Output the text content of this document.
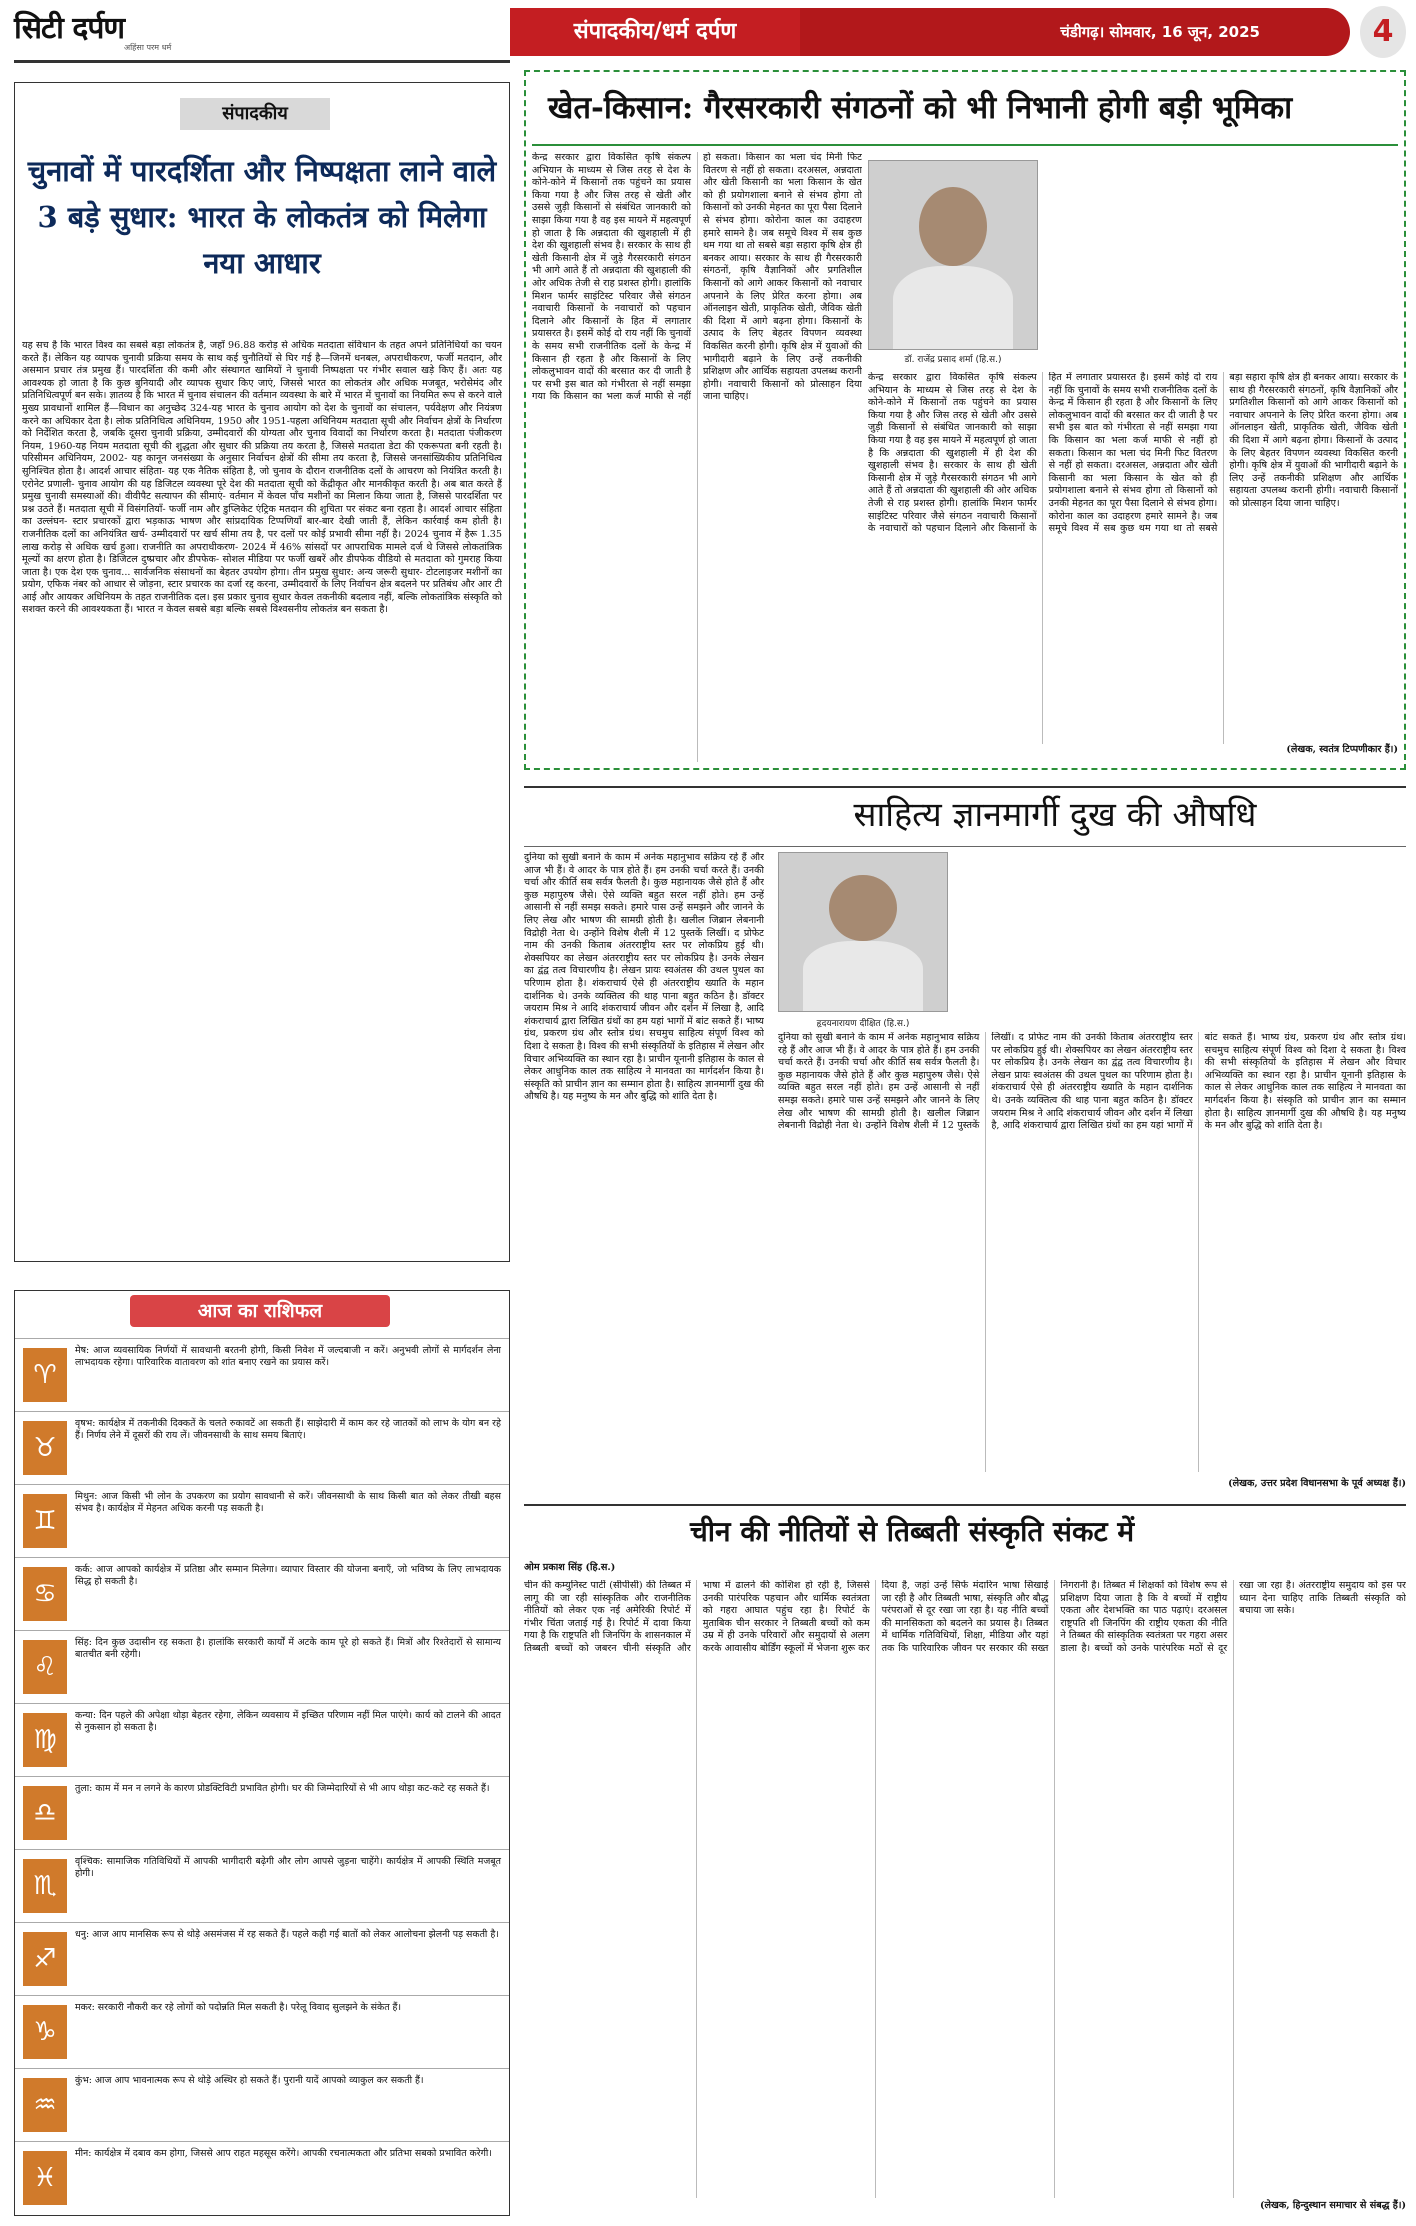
सिटी दर्पण
अहिंसा परम धर्म
संपादकीय/धर्म दर्पण	चंडीगढ़। सोमवार, 16 जून, 2025	4
संपादकीय
चुनावों में पारदर्शिता और निष्पक्षता लाने वाले 3 बड़े सुधार: भारत के लोकतंत्र को मिलेगा नया आधार

यह सच है कि भारत विश्व का सबसे बड़ा लोकतंत्र है, जहाँ 96.88 करोड़ से अधिक मतदाता संविधान के तहत अपने प्रतिनिधियों का चयन करते हैं। लेकिन यह व्यापक चुनावी प्रक्रिया समय के साथ कई चुनौतियों से घिर गई है—जिनमें धनबल, अपराधीकरण, फर्जी मतदान, और असमान प्रचार तंत्र प्रमुख हैं। पारदर्शिता की कमी और संस्थागत खामियों ने चुनावी निष्पक्षता पर गंभीर सवाल खड़े किए हैं। अतः यह आवश्यक हो जाता है कि कुछ बुनियादी और व्यापक सुधार किए जाएं, जिससे भारत का लोकतंत्र और अधिक मजबूत, भरोसेमंद और प्रतिनिधित्वपूर्ण बन सके। ज्ञातव्य है कि भारत में चुनाव संचालन की वर्तमान व्यवस्था के बारे में भारत में चुनावों का नियमित रूप से करने वाले मुख्य प्रावधानों शामिल हैं—विधान का अनुच्छेद 324-यह भारत के चुनाव आयोग को देश के चुनावों का संचालन, पर्यवेक्षण और नियंत्रण करने का अधिकार देता है। लोक प्रतिनिधित्व अधिनियम, 1950 और 1951-पहला अधिनियम मतदाता सूची और निर्वाचन क्षेत्रों के निर्धारण को निर्देशित करता है, जबकि दूसरा चुनावी प्रक्रिया, उम्मीदवारों की योग्यता और चुनाव विवादों का निर्धारण करता है। मतदाता पंजीकरण नियम, 1960-यह नियम मतदाता सूची की शुद्धता और सुधार की प्रक्रिया तय करता है, जिससे मतदाता डेटा की एकरूपता बनी रहती है। परिसीमन अधिनियम, 2002- यह कानून जनसंख्या के अनुसार निर्वाचन क्षेत्रों की सीमा तय करता है, जिससे जनसांख्यिकीय प्रतिनिधित्व सुनिश्चित होता है। आदर्श आचार संहिता- यह एक नैतिक संहिता है, जो चुनाव के दौरान राजनीतिक दलों के आचरण को नियंत्रित करती है। एरोनेट प्रणाली- चुनाव आयोग की यह डिजिटल व्यवस्था पूरे देश की मतदाता सूची को केंद्रीकृत और मानकीकृत करती है। अब बात करते हैं प्रमुख चुनावी समस्याओं की। वीवीपैट सत्यापन की सीमाएं- वर्तमान में केवल पाँच मशीनों का मिलान किया जाता है, जिससे पारदर्शिता पर प्रश्न उठते हैं। मतदाता सूची में विसंगतियाँ- फर्जी नाम और डुप्लिकेट एंट्रिक मतदान की शुचिता पर संकट बना रहता है। आदर्श आचार संहिता का उल्लंघन- स्टार प्रचारकों द्वारा भड़काऊ भाषण और सांप्रदायिक टिप्पणियाँ बार-बार देखी जाती हैं, लेकिन कार्रवाई कम होती है। राजनीतिक दलों का अनियंत्रित खर्च- उम्मीदवारों पर खर्च सीमा तय है, पर दलों पर कोई प्रभावी सीमा नहीं है। 2024 चुनाव में हैरू 1.35 लाख करोड़ से अधिक खर्च हुआ। राजनीति का अपराधीकरण- 2024 में 46% सांसदों पर आपराधिक मामले दर्ज थे जिससे लोकतांत्रिक मूल्यों का क्षरण होता है। डिजिटल दुष्प्रचार और डीपफेक- सोशल मीडिया पर फर्जी खबरें और डीपफेक वीडियो से मतदाता को गुमराह किया जाता है। एक देश एक चुनाव... सार्वजनिक संसाधनों का बेहतर उपयोग होगा। तीन प्रमुख सुधार: अन्य जरूरी सुधार- टोटलाइजर मशीनों का प्रयोग, एफिक नंबर को आधार से जोड़ना, स्टार प्रचारक का दर्जा रद्द करना, उम्मीदवारों के लिए निर्वाचन क्षेत्र बदलने पर प्रतिबंध और आर टी आई और आयकर अधिनियम के तहत राजनीतिक दल। इस प्रकार चुनाव सुधार केवल तकनीकी बदलाव नहीं, बल्कि लोकतांत्रिक संस्कृति को सशक्त करने की आवश्यकता हैं। भारत न केवल सबसे बड़ा बल्कि सबसे विश्वसनीय लोकतंत्र बन सकता है।

आज का राशिफल
♈
मेष: आज व्यवसायिक निर्णयों में सावधानी बरतनी होगी, किसी निवेश में जल्दबाजी न करें। अनुभवी लोगों से मार्गदर्शन लेना लाभदायक रहेगा। पारिवारिक वातावरण को शांत बनाए रखने का प्रयास करें।
♉
वृषभ: कार्यक्षेत्र में तकनीकी दिक्कतें के चलते रुकावटें आ सकती हैं। साझेदारी में काम कर रहे जातकों को लाभ के योग बन रहे हैं। निर्णय लेने में दूसरों की राय लें। जीवनसाथी के साथ समय बिताएं।
♊
मिथुन: आज किसी भी लोन के उपकरण का प्रयोग सावधानी से करें। जीवनसाथी के साथ किसी बात को लेकर तीखी बहस संभव है। कार्यक्षेत्र में मेहनत अधिक करनी पड़ सकती है।
♋
कर्क: आज आपको कार्यक्षेत्र में प्रतिष्ठा और सम्मान मिलेगा। व्यापार विस्तार की योजना बनाएँ, जो भविष्य के लिए लाभदायक सिद्ध हो सकती है।
♌
सिंह: दिन कुछ उदासीन रह सकता है। हालांकि सरकारी कार्यों में अटके काम पूरे हो सकते हैं। मित्रों और रिश्तेदारों से सामान्य बातचीत बनी रहेगी।
♍
कन्या: दिन पहले की अपेक्षा थोड़ा बेहतर रहेगा, लेकिन व्यवसाय में इच्छित परिणाम नहीं मिल पाएंगे। कार्य को टालने की आदत से नुकसान हो सकता है।
♎
तुला: काम में मन न लगने के कारण प्रोडक्टिविटी प्रभावित होगी। घर की जिम्मेदारियों से भी आप थोड़ा कट-कटे रह सकते हैं।
♏
वृश्चिक: सामाजिक गतिविधियों में आपकी भागीदारी बढ़ेगी और लोग आपसे जुड़ना चाहेंगे। कार्यक्षेत्र में आपकी स्थिति मजबूत होगी।
♐
धनु: आज आप मानसिक रूप से थोड़े असमंजस में रह सकते हैं। पहले कही गई बातों को लेकर आलोचना झेलनी पड़ सकती है।
♑
मकर: सरकारी नौकरी कर रहे लोगों को पदोन्नति मिल सकती है। परेलू विवाद सुलझने के संकेत हैं।
♒
कुंभ: आज आप भावनात्मक रूप से थोड़े अस्थिर हो सकते हैं। पुरानी यादें आपको व्याकुल कर सकती हैं।
♓
मीन: कार्यक्षेत्र में दबाव कम होगा, जिससे आप राहत महसूस करेंगे। आपकी रचनात्मकता और प्रतिभा सबको प्रभावित करेगी।
खेत-किसान: गैरसरकारी संगठनों को भी निभानी होगी बड़ी भूमिका
डॉ. राजेंद्र प्रसाद शर्मा (हि.स.)

केन्द्र सरकार द्वारा विकसित कृषि संकल्प अभियान के माध्यम से जिस तरह से देश के कोने-कोने में किसानों तक पहुंचने का प्रयास किया गया है और जिस तरह से खेती और उससे जुड़ी किसानों से संबंधित जानकारी को साझा किया गया है वह इस मायने में महत्वपूर्ण हो जाता है कि अन्नदाता की खुशहाली में ही देश की खुशहाली संभव है। सरकार के साथ ही खेती किसानी क्षेत्र में जुड़े गैरसरकारी संगठन भी आगे आते हैं तो अन्नदाता की खुशहाली की ओर अधिक तेजी से राह प्रशस्त होगी। हालांकि मिशन फार्मर साइंटिस्ट परिवार जैसे संगठन नवाचारी किसानों के नवाचारों को पहचान दिलाने और किसानों के हित में लगातार प्रयासरत है। इसमें कोई दो राय नहीं कि चुनावों के समय सभी राजनीतिक दलों के केन्द्र में किसान ही रहता है और किसानों के लिए लोकलुभावन वादों की बरसात कर दी जाती है पर सभी इस बात को गंभीरता से नहीं समझा गया कि किसान का भला कर्ज माफी से नहीं हो सकता। किसान का भला चंद मिनी फिट वितरण से नहीं हो सकता। दरअसल, अन्नदाता और खेती किसानी का भला किसान के खेत को ही प्रयोगशाला बनाने से संभव होगा तो किसानों को उनकी मेहनत का पूरा पैसा दिलाने से संभव होगा। कोरोना काल का उदाहरण हमारे सामने है। जब समूचे विश्व में सब कुछ थम गया था तो सबसे बड़ा सहारा कृषि क्षेत्र ही बनकर आया। सरकार के साथ ही गैरसरकारी संगठनों, कृषि वैज्ञानिकों और प्रगतिशील किसानों को आगे आकर किसानों को नवाचार अपनाने के लिए प्रेरित करना होगा। अब ऑनलाइन खेती, प्राकृतिक खेती, जैविक खेती की दिशा में आगे बढ़ना होगा। किसानों के उत्पाद के लिए बेहतर विपणन व्यवस्था विकसित करनी होगी। कृषि क्षेत्र में युवाओं की भागीदारी बढ़ाने के लिए उन्हें तकनीकी प्रशिक्षण और आर्थिक सहायता उपलब्ध करानी होगी। नवाचारी किसानों को प्रोत्साहन दिया जाना चाहिए।

केन्द्र सरकार द्वारा विकसित कृषि संकल्प अभियान के माध्यम से जिस तरह से देश के कोने-कोने में किसानों तक पहुंचने का प्रयास किया गया है और जिस तरह से खेती और उससे जुड़ी किसानों से संबंधित जानकारी को साझा किया गया है वह इस मायने में महत्वपूर्ण हो जाता है कि अन्नदाता की खुशहाली में ही देश की खुशहाली संभव है। सरकार के साथ ही खेती किसानी क्षेत्र में जुड़े गैरसरकारी संगठन भी आगे आते हैं तो अन्नदाता की खुशहाली की ओर अधिक तेजी से राह प्रशस्त होगी। हालांकि मिशन फार्मर साइंटिस्ट परिवार जैसे संगठन नवाचारी किसानों के नवाचारों को पहचान दिलाने और किसानों के हित में लगातार प्रयासरत है। इसमें कोई दो राय नहीं कि चुनावों के समय सभी राजनीतिक दलों के केन्द्र में किसान ही रहता है और किसानों के लिए लोकलुभावन वादों की बरसात कर दी जाती है पर सभी इस बात को गंभीरता से नहीं समझा गया कि किसान का भला कर्ज माफी से नहीं हो सकता। किसान का भला चंद मिनी फिट वितरण से नहीं हो सकता। दरअसल, अन्नदाता और खेती किसानी का भला किसान के खेत को ही प्रयोगशाला बनाने से संभव होगा तो किसानों को उनकी मेहनत का पूरा पैसा दिलाने से संभव होगा। कोरोना काल का उदाहरण हमारे सामने है। जब समूचे विश्व में सब कुछ थम गया था तो सबसे बड़ा सहारा कृषि क्षेत्र ही बनकर आया। सरकार के साथ ही गैरसरकारी संगठनों, कृषि वैज्ञानिकों और प्रगतिशील किसानों को आगे आकर किसानों को नवाचार अपनाने के लिए प्रेरित करना होगा। अब ऑनलाइन खेती, प्राकृतिक खेती, जैविक खेती की दिशा में आगे बढ़ना होगा। किसानों के उत्पाद के लिए बेहतर विपणन व्यवस्था विकसित करनी होगी। कृषि क्षेत्र में युवाओं की भागीदारी बढ़ाने के लिए उन्हें तकनीकी प्रशिक्षण और आर्थिक सहायता उपलब्ध करानी होगी। नवाचारी किसानों को प्रोत्साहन दिया जाना चाहिए।

(लेखक, स्वतंत्र टिप्पणीकार हैं।)
साहित्य ज्ञानमार्गी दुख की औषधि

दुनिया को सुखी बनाने के काम में अनेक महानुभाव सक्रिय रहे हैं और आज भी हैं। वे आदर के पात्र होते हैं। हम उनकी चर्चा करते हैं। उनकी चर्चा और कीर्ति सब सर्वत्र फैलती है। कुछ महानायक जैसे होते हैं और कुछ महापुरुष जैसे। ऐसे व्यक्ति बहुत सरल नहीं होते। हम उन्हें आसानी से नहीं समझ सकते। हमारे पास उन्हें समझने और जानने के लिए लेख और भाषण की सामग्री होती है। खलील जिब्रान लेबनानी विद्रोही नेता थे। उन्होंने विशेष शैली में 12 पुस्तकें लिखीं। द प्रोफेट नाम की उनकी किताब अंतरराष्ट्रीय स्तर पर लोकप्रिय हुई थी। शेक्सपियर का लेखन अंतरराष्ट्रीय स्तर पर लोकप्रिय है। उनके लेखन का द्वंद्व तत्व विचारणीय है। लेखन प्रायः स्वअंतस की उथल पुथल का परिणाम होता है। शंकराचार्य ऐसे ही अंतरराष्ट्रीय ख्याति के महान दार्शनिक थे। उनके व्यक्तित्व की थाह पाना बहुत कठिन है। डॉक्टर जयराम मिश्र ने आदि शंकराचार्य जीवन और दर्शन में लिखा है, आदि शंकराचार्य द्वारा लिखित ग्रंथों का हम यहां भागों में बांट सकते हैं। भाष्य ग्रंथ, प्रकरण ग्रंथ और स्तोत्र ग्रंथ। सचमुच साहित्य संपूर्ण विश्व को दिशा दे सकता है। विश्व की सभी संस्कृतियों के इतिहास में लेखन और विचार अभिव्यक्ति का स्थान रहा है। प्राचीन यूनानी इतिहास के काल से लेकर आधुनिक काल तक साहित्य ने मानवता का मार्गदर्शन किया है। संस्कृति को प्राचीन ज्ञान का सम्मान होता है। साहित्य ज्ञानमार्गी दुख की औषधि है। यह मनुष्य के मन और बुद्धि को शांति देता है।

हृदयनारायण दीक्षित (हि.स.)

दुनिया को सुखी बनाने के काम में अनेक महानुभाव सक्रिय रहे हैं और आज भी हैं। वे आदर के पात्र होते हैं। हम उनकी चर्चा करते हैं। उनकी चर्चा और कीर्ति सब सर्वत्र फैलती है। कुछ महानायक जैसे होते हैं और कुछ महापुरुष जैसे। ऐसे व्यक्ति बहुत सरल नहीं होते। हम उन्हें आसानी से नहीं समझ सकते। हमारे पास उन्हें समझने और जानने के लिए लेख और भाषण की सामग्री होती है। खलील जिब्रान लेबनानी विद्रोही नेता थे। उन्होंने विशेष शैली में 12 पुस्तकें लिखीं। द प्रोफेट नाम की उनकी किताब अंतरराष्ट्रीय स्तर पर लोकप्रिय हुई थी। शेक्सपियर का लेखन अंतरराष्ट्रीय स्तर पर लोकप्रिय है। उनके लेखन का द्वंद्व तत्व विचारणीय है। लेखन प्रायः स्वअंतस की उथल पुथल का परिणाम होता है। शंकराचार्य ऐसे ही अंतरराष्ट्रीय ख्याति के महान दार्शनिक थे। उनके व्यक्तित्व की थाह पाना बहुत कठिन है। डॉक्टर जयराम मिश्र ने आदि शंकराचार्य जीवन और दर्शन में लिखा है, आदि शंकराचार्य द्वारा लिखित ग्रंथों का हम यहां भागों में बांट सकते हैं। भाष्य ग्रंथ, प्रकरण ग्रंथ और स्तोत्र ग्रंथ। सचमुच साहित्य संपूर्ण विश्व को दिशा दे सकता है। विश्व की सभी संस्कृतियों के इतिहास में लेखन और विचार अभिव्यक्ति का स्थान रहा है। प्राचीन यूनानी इतिहास के काल से लेकर आधुनिक काल तक साहित्य ने मानवता का मार्गदर्शन किया है। संस्कृति को प्राचीन ज्ञान का सम्मान होता है। साहित्य ज्ञानमार्गी दुख की औषधि है। यह मनुष्य के मन और बुद्धि को शांति देता है।

(लेखक, उत्तर प्रदेश विधानसभा के पूर्व अध्यक्ष हैं।)
चीन की नीतियों से तिब्बती संस्कृति संकट में
ओम प्रकाश सिंह (हि.स.)

चीन की कम्युनिस्ट पार्टी (सीपीसी) की तिब्बत में लागू की जा रही सांस्कृतिक और राजनीतिक नीतियों को लेकर एक नई अमेरिकी रिपोर्ट में गंभीर चिंता जताई गई है। रिपोर्ट में दावा किया गया है कि राष्ट्रपति शी जिनपिंग के शासनकाल में तिब्बती बच्चों को जबरन चीनी संस्कृति और भाषा में ढालने की कोशिश हो रही है, जिससे उनकी पारंपरिक पहचान और धार्मिक स्वतंत्रता को गहरा आघात पहुंच रहा है। रिपोर्ट के मुताबिक चीन सरकार ने तिब्बती बच्चों को कम उम्र में ही उनके परिवारों और समुदायों से अलग करके आवासीय बोर्डिंग स्कूलों में भेजना शुरू कर दिया है, जहां उन्हें सिर्फ मंदारिन भाषा सिखाई जा रही है और तिब्बती भाषा, संस्कृति और बौद्ध परंपराओं से दूर रखा जा रहा है। यह नीति बच्चों की मानसिकता को बदलने का प्रयास है। तिब्बत में धार्मिक गतिविधियों, शिक्षा, मीडिया और यहां तक कि पारिवारिक जीवन पर सरकार की सख्त निगरानी है। तिब्बत में शिक्षकों को विशेष रूप से प्रशिक्षण दिया जाता है कि वे बच्चों में राष्ट्रीय एकता और देशभक्ति का पाठ पढ़ाएं। दरअसल राष्ट्रपति शी जिनपिंग की राष्ट्रीय एकता की नीति ने तिब्बत की सांस्कृतिक स्वतंत्रता पर गहरा असर डाला है। बच्चों को उनके पारंपरिक मठों से दूर रखा जा रहा है। अंतरराष्ट्रीय समुदाय को इस पर ध्यान देना चाहिए ताकि तिब्बती संस्कृति को बचाया जा सके।

(लेखक, हिन्दुस्थान समाचार से संबद्ध हैं।)
